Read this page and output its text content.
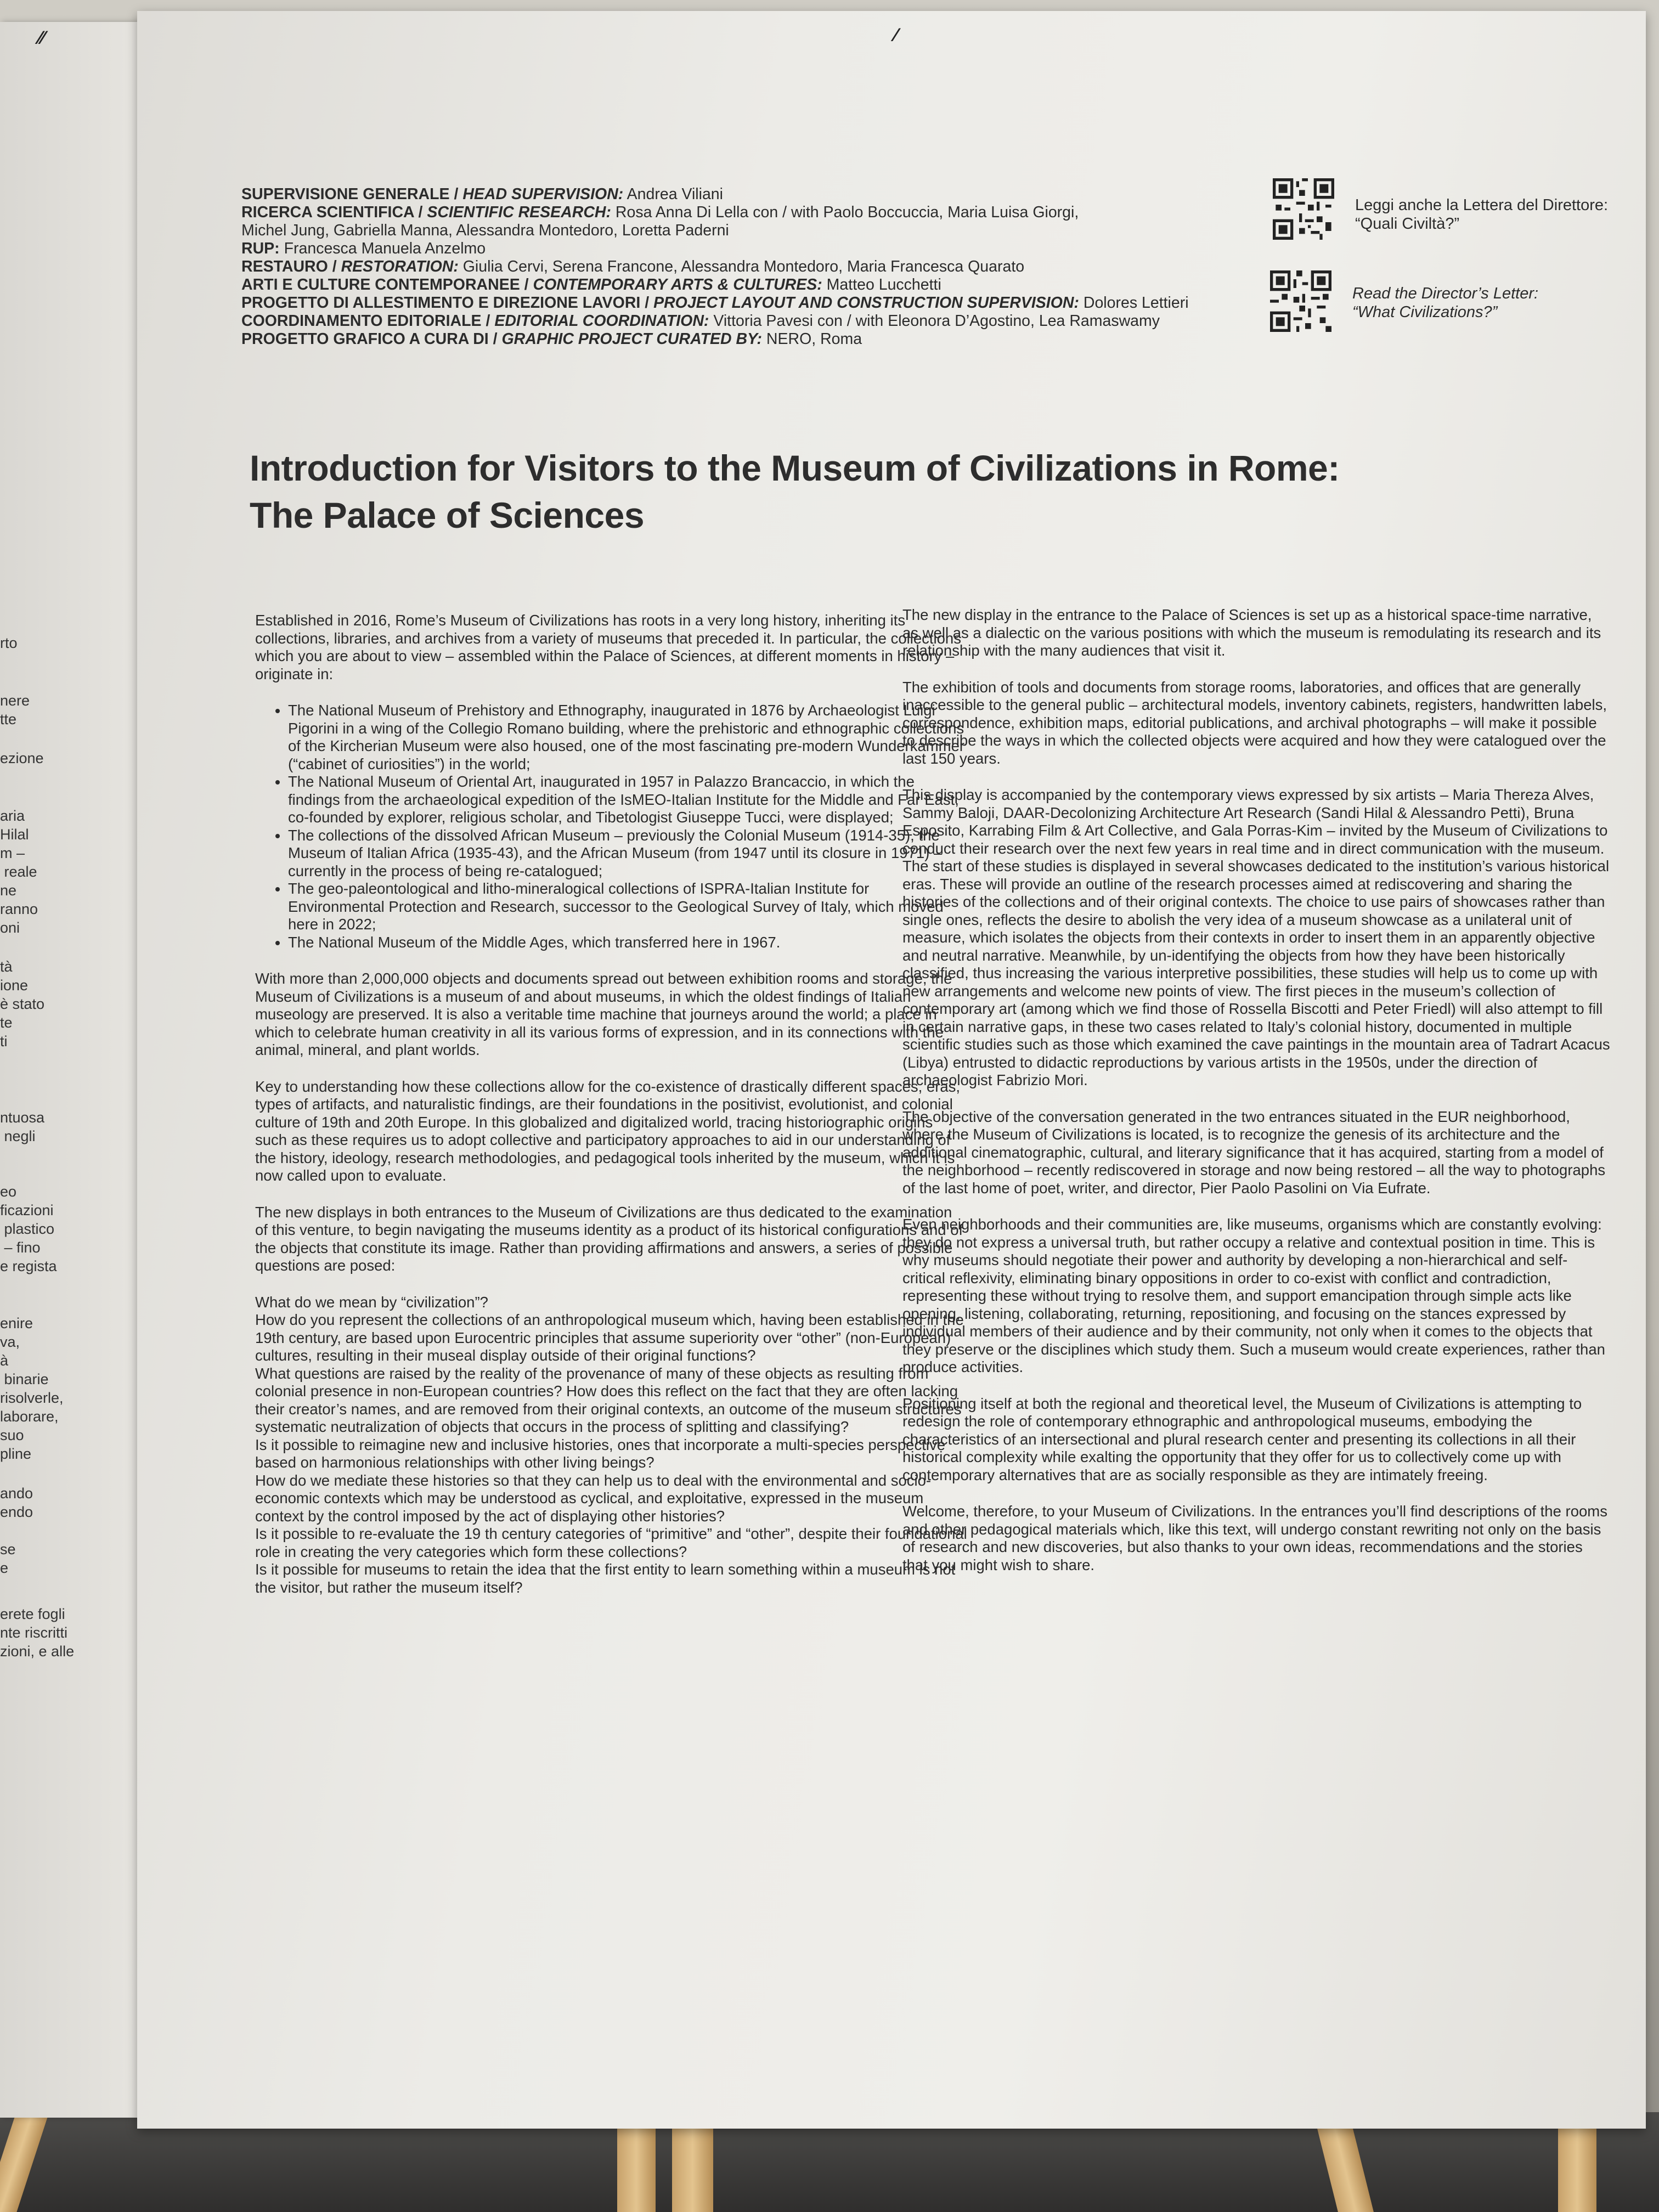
rto
nere
tte
ezione
aria
Hilal
m –
reale
ne
ranno
oni
tà
ione
è stato
te
ti
ntuosa
negli
eo
ficazioni
plastico
– fino
e regista
enire
va,
à
binarie
risolverle,
laborare,
suo
pline
ando
endo

se
e
erete fogli
nte riscritti
zioni, e alle
⁄⁄	⁄
SUPERVISIONE GENERALE / HEAD SUPERVISION: Andrea Viliani
RICERCA SCIENTIFICA / SCIENTIFIC RESEARCH: Rosa Anna Di Lella con / with Paolo Boccuccia, Maria Luisa Giorgi,
Michel Jung, Gabriella Manna, Alessandra Montedoro, Loretta Paderni
RUP: Francesca Manuela Anzelmo
RESTAURO / RESTORATION: Giulia Cervi, Serena Francone, Alessandra Montedoro, Maria Francesca Quarato
ARTI E CULTURE CONTEMPORANEE / CONTEMPORARY ARTS & CULTURES: Matteo Lucchetti
PROGETTO DI ALLESTIMENTO E DIREZIONE LAVORI / PROJECT LAYOUT AND CONSTRUCTION SUPERVISION: Dolores Lettieri
COORDINAMENTO EDITORIALE / EDITORIAL COORDINATION: Vittoria Pavesi con / with Eleonora D’Agostino, Lea Ramaswamy
PROGETTO GRAFICO A CURA DI / GRAPHIC PROJECT CURATED BY: NERO, Roma
Leggi anche la Lettera del Direttore:
“Quali Civiltà?”
Read the Director’s Letter:
“What Civilizations?”
Introduction for Visitors to the Museum of Civilizations in Rome:
The Palace of Sciences

Established in 2016, Rome’s Museum of Civilizations has roots in a very long history, inheriting its collections, libraries, and archives from a variety of museums that preceded it. In particular, the collections which you are about to view – assembled within the Palace of Sciences, at different moments in history – originate in:

• The National Museum of Prehistory and Ethnography, inaugurated in 1876 by Archaeologist Luigi Pigorini in a wing of the Collegio Romano building, where the prehistoric and ethnographic collections of the Kircherian Museum were also housed, one of the most fascinating pre-modern Wunderkammer (“cabinet of curiosities”) in the world;
• The National Museum of Oriental Art, inaugurated in 1957 in Palazzo Brancaccio, in which the findings from the archaeological expedition of the IsMEO-Italian Institute for the Middle and Far East, co-founded by explorer, religious scholar, and Tibetologist Giuseppe Tucci, were displayed;
• The collections of the dissolved African Museum – previously the Colonial Museum (1914-35), the Museum of Italian Africa (1935-43), and the African Museum (from 1947 until its closure in 1971) – currently in the process of being re-catalogued;
• The geo-paleontological and litho-mineralogical collections of ISPRA-Italian Institute for Environmental Protection and Research, successor to the Geological Survey of Italy, which moved here in 2022;
• The National Museum of the Middle Ages, which transferred here in 1967.

With more than 2,000,000 objects and documents spread out between exhibition rooms and storage, the Museum of Civilizations is a museum of and about museums, in which the oldest findings of Italian museology are preserved. It is also a veritable time machine that journeys around the world; a place in which to celebrate human creativity in all its various forms of expression, and in its connections with the animal, mineral, and plant worlds.

Key to understanding how these collections allow for the co-existence of drastically different spaces, eras, types of artifacts, and naturalistic findings, are their foundations in the positivist, evolutionist, and colonial culture of 19th and 20th Europe. In this globalized and digitalized world, tracing historiographic origins such as these requires us to adopt collective and participatory approaches to aid in our understanding of the history, ideology, research methodologies, and pedagogical tools inherited by the museum, which it is now called upon to evaluate.

The new displays in both entrances to the Museum of Civilizations are thus dedicated to the examination of this venture, to begin navigating the museums identity as a product of its historical configurations and of the objects that constitute its image. Rather than providing affirmations and answers, a series of possible questions are posed:

What do we mean by “civilization”?
How do you represent the collections of an anthropological museum which, having been established in the 19th century, are based upon Eurocentric principles that assume superiority over “other” (non-European) cultures, resulting in their museal display outside of their original functions?
What questions are raised by the reality of the provenance of many of these objects as resulting from colonial presence in non-European countries? How does this reflect on the fact that they are often lacking their creator’s names, and are removed from their original contexts, an outcome of the museum structures systematic neutralization of objects that occurs in the process of splitting and classifying?
Is it possible to reimagine new and inclusive histories, ones that incorporate a multi-species perspective based on harmonious relationships with other living beings?
How do we mediate these histories so that they can help us to deal with the environmental and socio-economic contexts which may be understood as cyclical, and exploitative, expressed in the museum context by the control imposed by the act of displaying other histories?
Is it possible to re-evaluate the 19 th century categories of “primitive” and “other”, despite their foundational role in creating the very categories which form these collections?
Is it possible for museums to retain the idea that the first entity to learn something within a museum is not the visitor, but rather the museum itself?

The new display in the entrance to the Palace of Sciences is set up as a historical space-time narrative, as well as a dialectic on the various positions with which the museum is remodulating its research and its relationship with the many audiences that visit it.

The exhibition of tools and documents from storage rooms, laboratories, and offices that are generally inaccessible to the general public – architectural models, inventory cabinets, registers, handwritten labels, correspondence, exhibition maps, editorial publications, and archival photographs – will make it possible to describe the ways in which the collected objects were acquired and how they were catalogued over the last 150 years.

This display is accompanied by the contemporary views expressed by six artists – Maria Thereza Alves, Sammy Baloji, DAAR-Decolonizing Architecture Art Research (Sandi Hilal & Alessandro Petti), Bruna Esposito, Karrabing Film & Art Collective, and Gala Porras-Kim – invited by the Museum of Civilizations to conduct their research over the next few years in real time and in direct communication with the museum. The start of these studies is displayed in several showcases dedicated to the institution’s various historical eras. These will provide an outline of the research processes aimed at rediscovering and sharing the histories of the collections and of their original contexts. The choice to use pairs of showcases rather than single ones, reflects the desire to abolish the very idea of a museum showcase as a unilateral unit of measure, which isolates the objects from their contexts in order to insert them in an apparently objective and neutral narrative. Meanwhile, by un-identifying the objects from how they have been historically classified, thus increasing the various interpretive possibilities, these studies will help us to come up with new arrangements and welcome new points of view. The first pieces in the museum’s collection of contemporary art (among which we find those of Rossella Biscotti and Peter Friedl) will also attempt to fill in certain narrative gaps, in these two cases related to Italy’s colonial history, documented in multiple scientific studies such as those which examined the cave paintings in the mountain area of Tadrart Acacus (Libya) entrusted to didactic reproductions by various artists in the 1950s, under the direction of archaeologist Fabrizio Mori.

The objective of the conversation generated in the two entrances situated in the EUR neighborhood, where the Museum of Civilizations is located, is to recognize the genesis of its architecture and the additional cinematographic, cultural, and literary significance that it has acquired, starting from a model of the neighborhood – recently rediscovered in storage and now being restored – all the way to photographs of the last home of poet, writer, and director, Pier Paolo Pasolini on Via Eufrate.

Even neighborhoods and their communities are, like museums, organisms which are constantly evolving: they do not express a universal truth, but rather occupy a relative and contextual position in time. This is why museums should negotiate their power and authority by developing a non-hierarchical and self-critical reflexivity, eliminating binary oppositions in order to co-exist with conflict and contradiction, representing these without trying to resolve them, and support emancipation through simple acts like opening, listening, collaborating, returning, repositioning, and focusing on the stances expressed by individual members of their audience and by their community, not only when it comes to the objects that they preserve or the disciplines which study them. Such a museum would create experiences, rather than produce activities.

Positioning itself at both the regional and theoretical level, the Museum of Civilizations is attempting to redesign the role of contemporary ethnographic and anthropological museums, embodying the characteristics of an intersectional and plural research center and presenting its collections in all their historical complexity while exalting the opportunity that they offer for us to collectively come up with contemporary alternatives that are as socially responsible as they are intimately freeing.

Welcome, therefore, to your Museum of Civilizations. In the entrances you’ll find descriptions of the rooms and other pedagogical materials which, like this text, will undergo constant rewriting not only on the basis of research and new discoveries, but also thanks to your own ideas, recommendations and the stories that you might wish to share.
